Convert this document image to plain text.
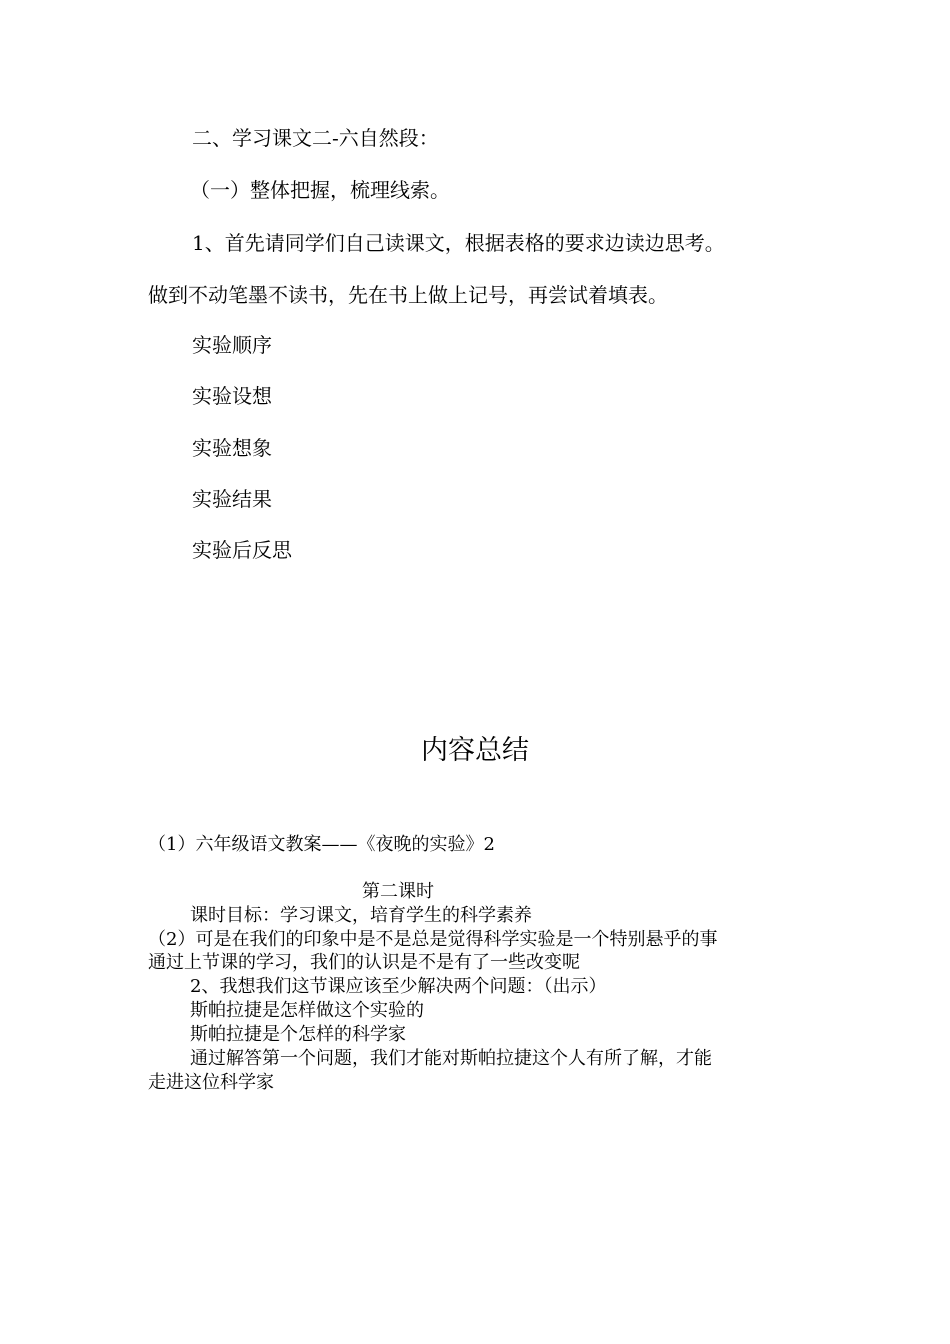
二、学习课文二-六自然段：
（一）整体把握，梳理线索。
1、首先请同学们自己读课文，根据表格的要求边读边思考。
做到不动笔墨不读书，先在书上做上记号，再尝试着填表。
实验顺序
实验设想
实验想象
实验结果
实验后反思
内容总结
（1）六年级语文教案——《夜晚的实验》2
第二课时
课时目标：学习课文，培育学生的科学素养
（2）可是在我们的印象中是不是总是觉得科学实验是一个特别悬乎的事
通过上节课的学习，我们的认识是不是有了一些改变呢
2、我想我们这节课应该至少解决两个问题：（出示）
斯帕拉捷是怎样做这个实验的
斯帕拉捷是个怎样的科学家
通过解答第一个问题，我们才能对斯帕拉捷这个人有所了解，才能
走进这位科学家
